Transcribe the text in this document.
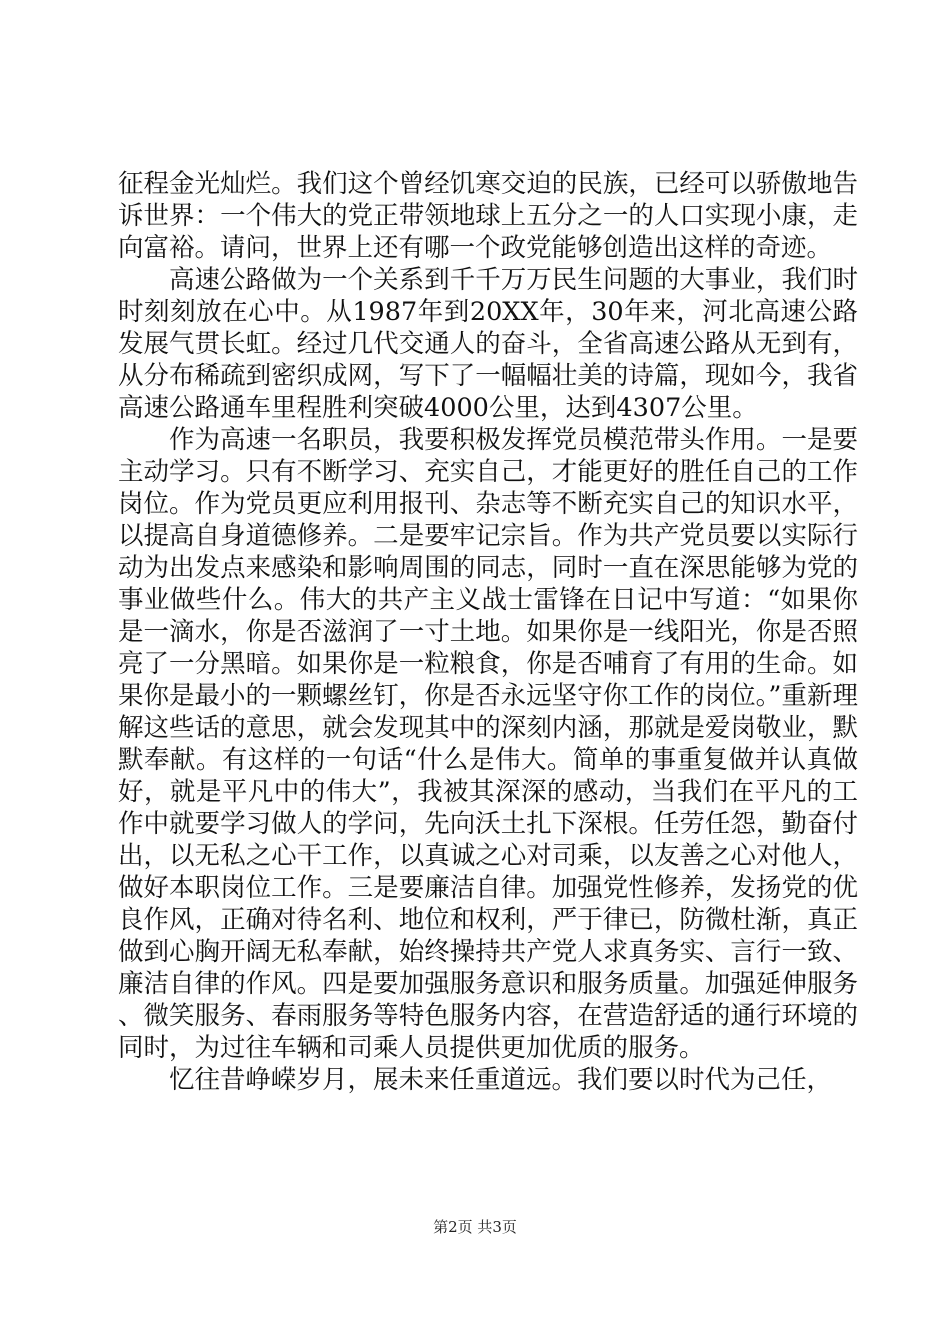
征程金光灿烂。我们这个曾经饥寒交迫的民族，已经可以骄傲地告诉世界：一个伟大的党正带领地球上五分之一的人口实现小康，走向富裕。请问，世界上还有哪一个政党能够创造出这样的奇迹。

高速公路做为一个关系到千千万万民生问题的大事业，我们时时刻刻放在心中。从1987年到20XX年，30年来，河北高速公路发展气贯长虹。经过几代交通人的奋斗，全省高速公路从无到有，从分布稀疏到密织成网，写下了一幅幅壮美的诗篇，现如今，我省高速公路通车里程胜利突破4000公里，达到4307公里。

作为高速一名职员，我要积极发挥党员模范带头作用。一是要主动学习。只有不断学习、充实自己，才能更好的胜任自己的工作岗位。作为党员更应利用报刊、杂志等不断充实自己的知识水平，以提高自身道德修养。二是要牢记宗旨。作为共产党员要以实际行动为出发点来感染和影响周围的同志，同时一直在深思能够为党的事业做些什么。伟大的共产主义战士雷锋在日记中写道：“如果你是一滴水，你是否滋润了一寸土地。如果你是一线阳光，你是否照亮了一分黑暗。如果你是一粒粮食，你是否哺育了有用的生命。如果你是最小的一颗螺丝钉，你是否永远坚守你工作的岗位。”重新理解这些话的意思，就会发现其中的深刻内涵，那就是爱岗敬业，默默奉献。有这样的一句话“什么是伟大。简单的事重复做并认真做好，就是平凡中的伟大”，我被其深深的感动，当我们在平凡的工作中就要学习做人的学问，先向沃土扎下深根。任劳任怨，勤奋付出，以无私之心干工作，以真诚之心对司乘，以友善之心对他人，做好本职岗位工作。三是要廉洁自律。加强党性修养，发扬党的优良作风，正确对待名利、地位和权利，严于律已，防微杜渐，真正做到心胸开阔无私奉献，始终操持共产党人求真务实、言行一致、廉洁自律的作风。四是要加强服务意识和服务质量。加强延伸服务、微笑服务、春雨服务等特色服务内容，在营造舒适的通行环境的同时，为过往车辆和司乘人员提供更加优质的服务。

忆往昔峥嵘岁月，展未来任重道远。我们要以时代为己任，

第2页 共3页
